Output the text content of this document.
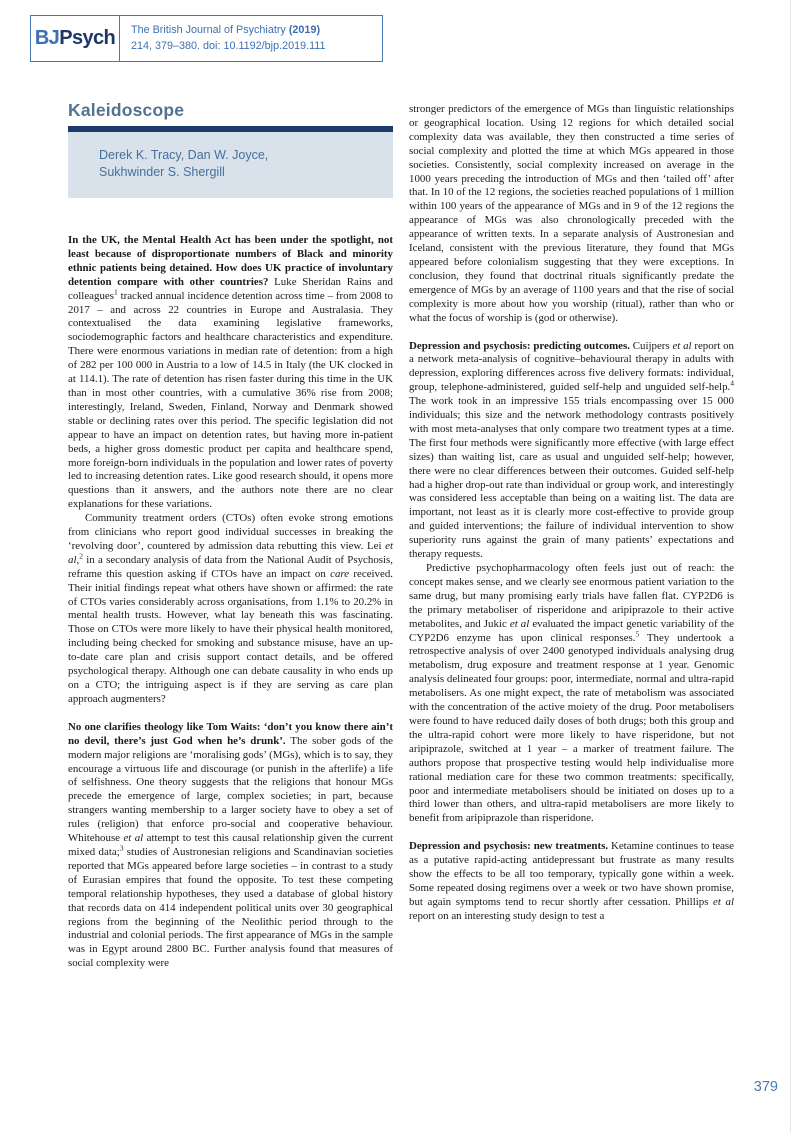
BJPsych The British Journal of Psychiatry (2019)
214, 379–380. doi: 10.1192/bjp.2019.111
Kaleidoscope
Derek K. Tracy, Dan W. Joyce,
Sukhwinder S. Shergill

In the UK, the Mental Health Act has been under the spotlight, not least because of disproportionate numbers of Black and minority ethnic patients being detained. How does UK practice of involuntary detention compare with other countries? Luke Sheridan Rains and colleagues$^1$ tracked annual incidence detention across time – from 2008 to 2017 – and across 22 countries in Europe and Australasia. They contextualised the data examining legislative frameworks, sociodemographic factors and healthcare characteristics and expenditure. There were enormous variations in median rate of detention: from a high of 282 per 100 000 in Austria to a low of 14.5 in Italy (the UK clocked in at 114.1). The rate of detention has risen faster during this time in the UK than in most other countries, with a cumulative 36% rise from 2008; interestingly, Ireland, Sweden, Finland, Norway and Denmark showed stable or declining rates over this period. The specific legislation did not appear to have an impact on detention rates, but having more in-patient beds, a higher gross domestic product per capita and healthcare spend, more foreign-born individuals in the population and lower rates of poverty led to increasing detention rates. Like good research should, it opens more questions than it answers, and the authors note there are no clear explanations for these variations.

Community treatment orders (CTOs) often evoke strong emotions from clinicians who report good individual successes in breaking the ‘revolving door’, countered by admission data rebutting this view. Lei et al,$^2$ in a secondary analysis of data from the National Audit of Psychosis, reframe this question asking if CTOs have an impact on care received. Their initial findings repeat what others have shown or affirmed: the rate of CTOs varies considerably across organisations, from 1.1% to 20.2% in mental health trusts. However, what lay beneath this was fascinating. Those on CTOs were more likely to have their physical health monitored, including being checked for smoking and substance misuse, have an up-to-date care plan and crisis support contact details, and be offered psychological therapy. Although one can debate causality in who ends up on a CTO; the intriguing aspect is if they are serving as care plan approach augmenters?

No one clarifies theology like Tom Waits: ‘don’t you know there ain’t no devil, there’s just God when he’s drunk’. The sober gods of the modern major religions are ‘moralising gods’ (MGs), which is to say, they encourage a virtuous life and discourage (or punish in the afterlife) a life of selfishness. One theory suggests that the religions that honour MGs precede the emergence of large, complex societies; in part, because strangers wanting membership to a larger society have to obey a set of rules (religion) that enforce pro-social and cooperative behaviour. Whitehouse et al attempt to test this causal relationship given the current mixed data;$^3$ studies of Austronesian religions and Scandinavian societies reported that MGs appeared before large societies – in contrast to a study of Eurasian empires that found the opposite. To test these competing temporal relationship hypotheses, they used a database of global history that records data on 414 independent political units over 30 geographical regions from the beginning of the Neolithic period through to the industrial and colonial periods. The first appearance of MGs in the sample was in Egypt around 2800 BC. Further analysis found that measures of social complexity were

stronger predictors of the emergence of MGs than linguistic relationships or geographical location. Using 12 regions for which detailed social complexity data was available, they then constructed a time series of social complexity and plotted the time at which MGs appeared in those societies. Consistently, social complexity increased on average in the 1000 years preceding the introduction of MGs and then ‘tailed off’ after that. In 10 of the 12 regions, the societies reached populations of 1 million within 100 years of the appearance of MGs and in 9 of the 12 regions the appearance of MGs was also chronologically preceded with the appearance of written texts. In a separate analysis of Austronesian and Iceland, consistent with the previous literature, they found that MGs appeared before colonialism suggesting that they were exceptions. In conclusion, they found that doctrinal rituals significantly predate the emergence of MGs by an average of 1100 years and that the rise of social complexity is more about how you worship (ritual), rather than who or what the focus of worship is (god or otherwise).

Depression and psychosis: predicting outcomes. Cuijpers et al report on a network meta-analysis of cognitive–behavioural therapy in adults with depression, exploring differences across five delivery formats: individual, group, telephone-administered, guided self-help and unguided self-help.$^4$ The work took in an impressive 155 trials encompassing over 15 000 individuals; this size and the network methodology contrasts positively with most meta-analyses that only compare two treatment types at a time. The first four methods were significantly more effective (with large effect sizes) than waiting list, care as usual and unguided self-help; however, there were no clear differences between their outcomes. Guided self-help had a higher drop-out rate than individual or group work, and interestingly was considered less acceptable than being on a waiting list. The data are important, not least as it is clearly more cost-effective to provide group and guided interventions; the failure of individual intervention to show superiority runs against the grain of many patients’ expectations and therapy requests.

Predictive psychopharmacology often feels just out of reach: the concept makes sense, and we clearly see enormous patient variation to the same drug, but many promising early trials have fallen flat. CYP2D6 is the primary metaboliser of risperidone and aripiprazole to their active metabolites, and Jukic et al evaluated the impact genetic variability of the CYP2D6 enzyme has upon clinical responses.$^5$ They undertook a retrospective analysis of over 2400 genotyped individuals analysing drug metabolism, drug exposure and treatment response at 1 year. Genomic analysis delineated four groups: poor, intermediate, normal and ultra-rapid metabolisers. As one might expect, the rate of metabolism was associated with the concentration of the active moiety of the drug. Poor metabolisers were found to have reduced daily doses of both drugs; both this group and the ultra-rapid cohort were more likely to have risperidone, but not aripiprazole, switched at 1 year – a marker of treatment failure. The authors propose that prospective testing would help individualise more rational mediation care for these two common treatments: specifically, poor and intermediate metabolisers should be initiated on doses up to a third lower than others, and ultra-rapid metabolisers are more likely to benefit from aripiprazole than risperidone.

Depression and psychosis: new treatments. Ketamine continues to tease as a putative rapid-acting antidepressant but frustrate as many results show the effects to be all too temporary, typically gone within a week. Some repeated dosing regimens over a week or two have shown promise, but again symptoms tend to recur shortly after cessation. Phillips et al report on an interesting study design to test a

379
